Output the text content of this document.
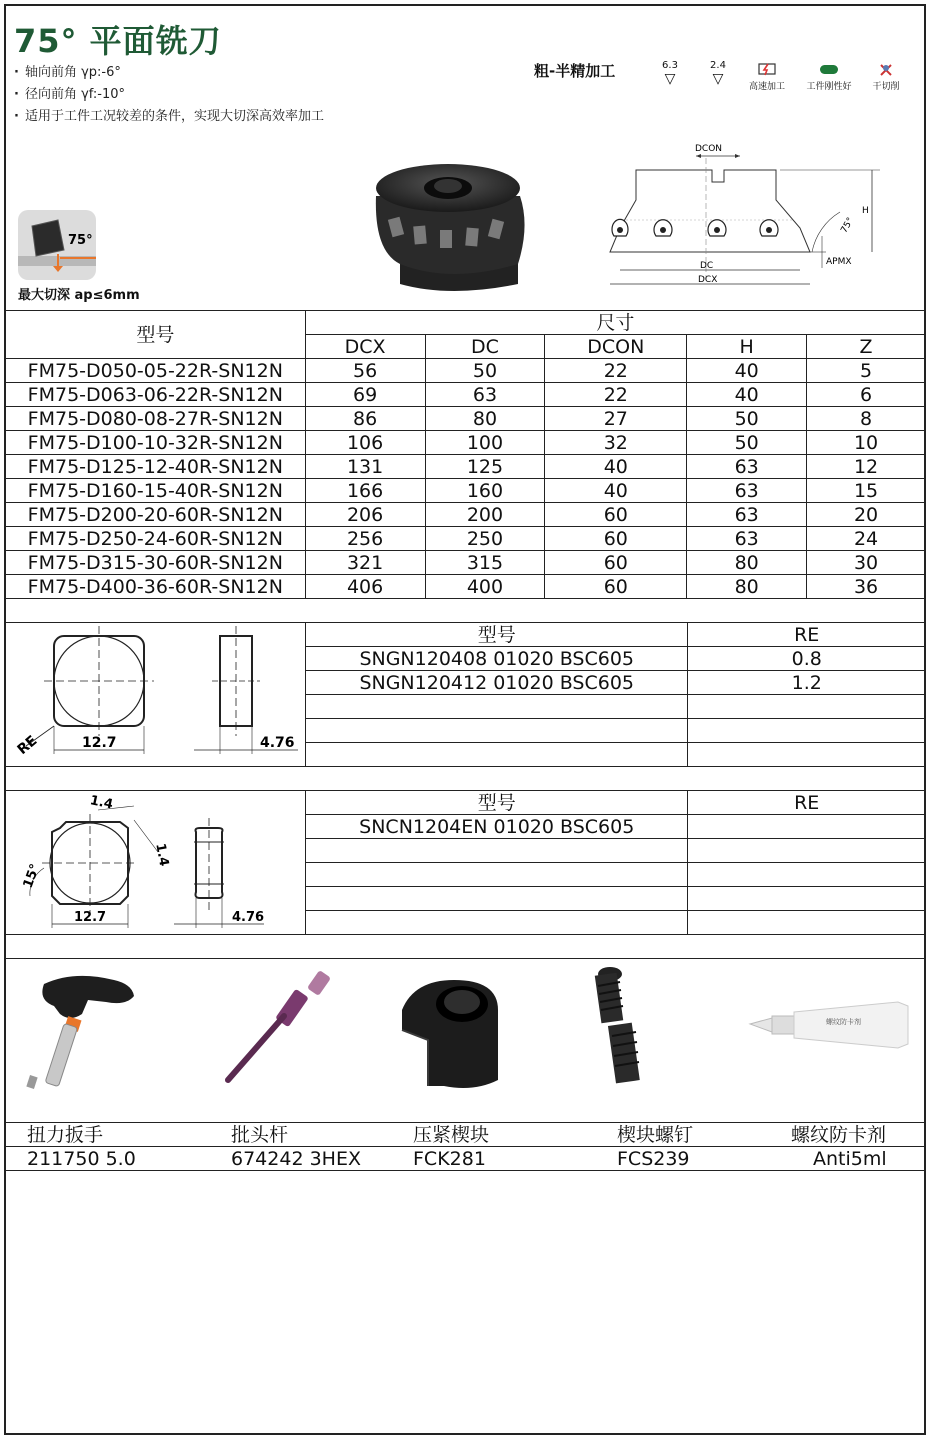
75° 平面铣刀
· 轴向前角 γp:-6°
· 径向前角 γf:-10°
· 适用于工件工况较差的条件，实现大切深高效率加工
粗-半精加工	6.3
▽
2.4
▽	高速加工	工件刚性好	干切削
75°
最大切深 ap≤6mm
DCON
H
75°
APMX
DC
DCX
型号	尺寸				
	DCX	DC	DCON	H	Z
FM75-D050-05-22R-SN12N	56	50	22	40	5
FM75-D063-06-22R-SN12N	69	63	22	40	6
FM75-D080-08-27R-SN12N	86	80	27	50	8
FM75-D100-10-32R-SN12N	106	100	32	50	10
FM75-D125-12-40R-SN12N	131	125	40	63	12
FM75-D160-15-40R-SN12N	166	160	40	63	15
FM75-D200-20-60R-SN12N	206	200	60	63	20
FM75-D250-24-60R-SN12N	256	250	60	63	24
FM75-D315-30-60R-SN12N	321	315	60	80	30
FM75-D400-36-60R-SN12N	406	400	60	80	36

12.7
RE	4.76
型号	RE
SNGN120408 01020 BSC605	0.8
SNGN120412 01020 BSC605	1.2

1.4
1.4
15°
12.7	4.76
型号	RE
SNCN1204EN 01020 BSC605	

螺纹防卡剂
扭力扳手	批头杆	压紧楔块	楔块螺钉	螺纹防卡剂
211750 5.0	674242 3HEX	FCK281	FCS239	Anti5ml
